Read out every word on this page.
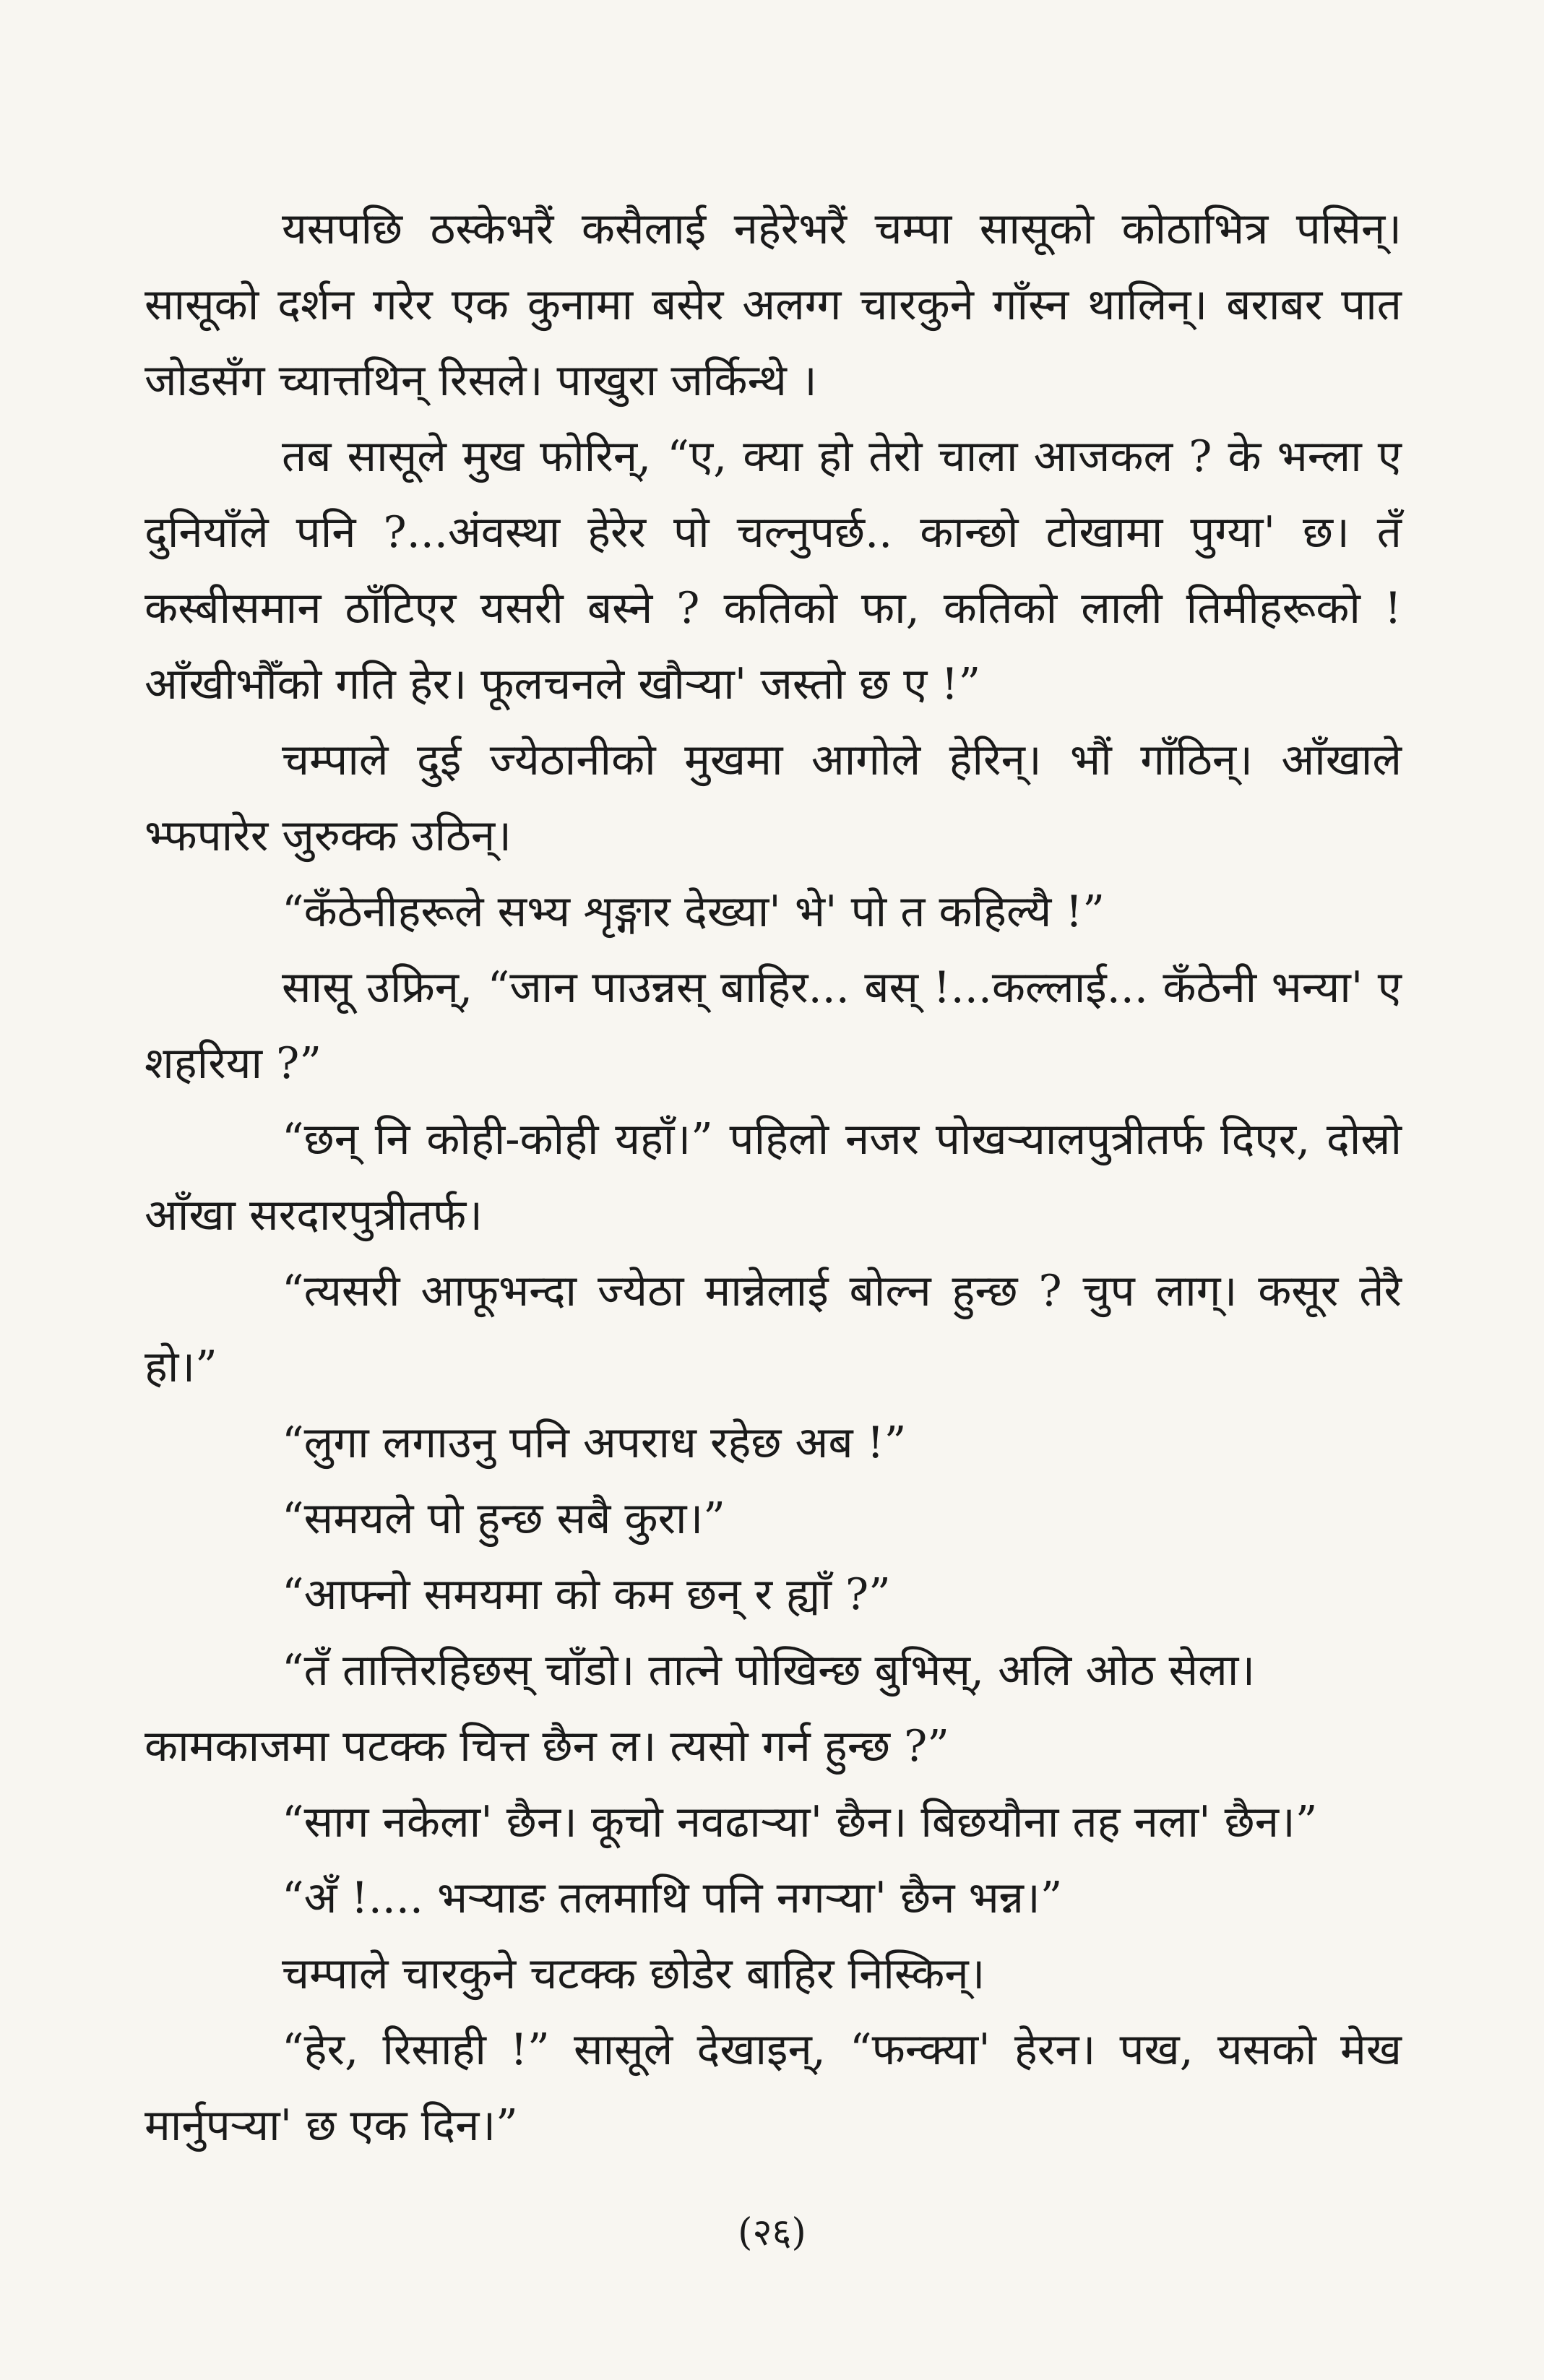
यसपछि ठस्केभरैं कसैलाई नहेरेभरैं चम्पा सासूको कोठाभित्र पसिन्। सासूको दर्शन गरेर एक कुनामा बसेर अलग्ग चारकुने गाँस्न थालिन्। बराबर पात जोडसँग च्यात्तथिन् रिसले। पाखुरा जर्किन्थे ।

तब सासूले मुख फोरिन्, “ए, क्या हो तेरो चाला आजकल ? के भन्ला ए दुनियाँले पनि ?...अंवस्था हेरेर पो चल्नुपर्छ.. कान्छो टोखामा पुग्या' छ। तँ कस्बीसमान ठाँटिएर यसरी बस्ने ? कतिको फा, कतिको लाली तिमीहरूको ! आँखीभौँको गति हेर। फूलचनले खौऱ्या' जस्तो छ ए !”

चम्पाले दुई ज्येठानीको मुखमा आगोले हेरिन्। भौं गाँठिन्। आँखाले भ्फपारेर जुरुक्क उठिन्।

“कँठेनीहरूले सभ्य शृङ्गार देख्या' भे' पो त कहिल्यै !”

सासू उफ्रिन्, “जान पाउन्नस् बाहिर... बस् !...कल्लाई... कँठेनी भन्या' ए शहरिया ?”

“छन् नि कोही-कोही यहाँ।” पहिलो नजर पोखऱ्यालपुत्रीतर्फ दिएर, दोस्रो आँखा सरदारपुत्रीतर्फ।

“त्यसरी आफूभन्दा ज्येठा मान्नेलाई बोल्न हुन्छ ? चुप लाग्। कसूर तेरै हो।”

“लुगा लगाउनु पनि अपराध रहेछ अब !”

“समयले पो हुन्छ सबै कुरा।”

“आफ्नो समयमा को कम छन् र ह्याँ ?”

“तँ तात्तिरहिछस् चाँडो। तात्ने पोखिन्छ बुभिस्, अलि ओठ सेला।

कामकाजमा पटक्क चित्त छैन ल। त्यसो गर्न हुन्छ ?”

“साग नकेला' छैन। कूचो नवढाऱ्या' छैन। बिछयौना तह नला' छैन।”

“अँ !.... भऱ्याङ तलमाथि पनि नगऱ्या' छैन भन्न।”

चम्पाले चारकुने चटक्क छोडेर बाहिर निस्किन्।

“हेर, रिसाही !” सासूले देखाइन्, “फन्क्या' हेरन। पख, यसको मेख मार्नुपऱ्या' छ एक दिन।”

(२६)
